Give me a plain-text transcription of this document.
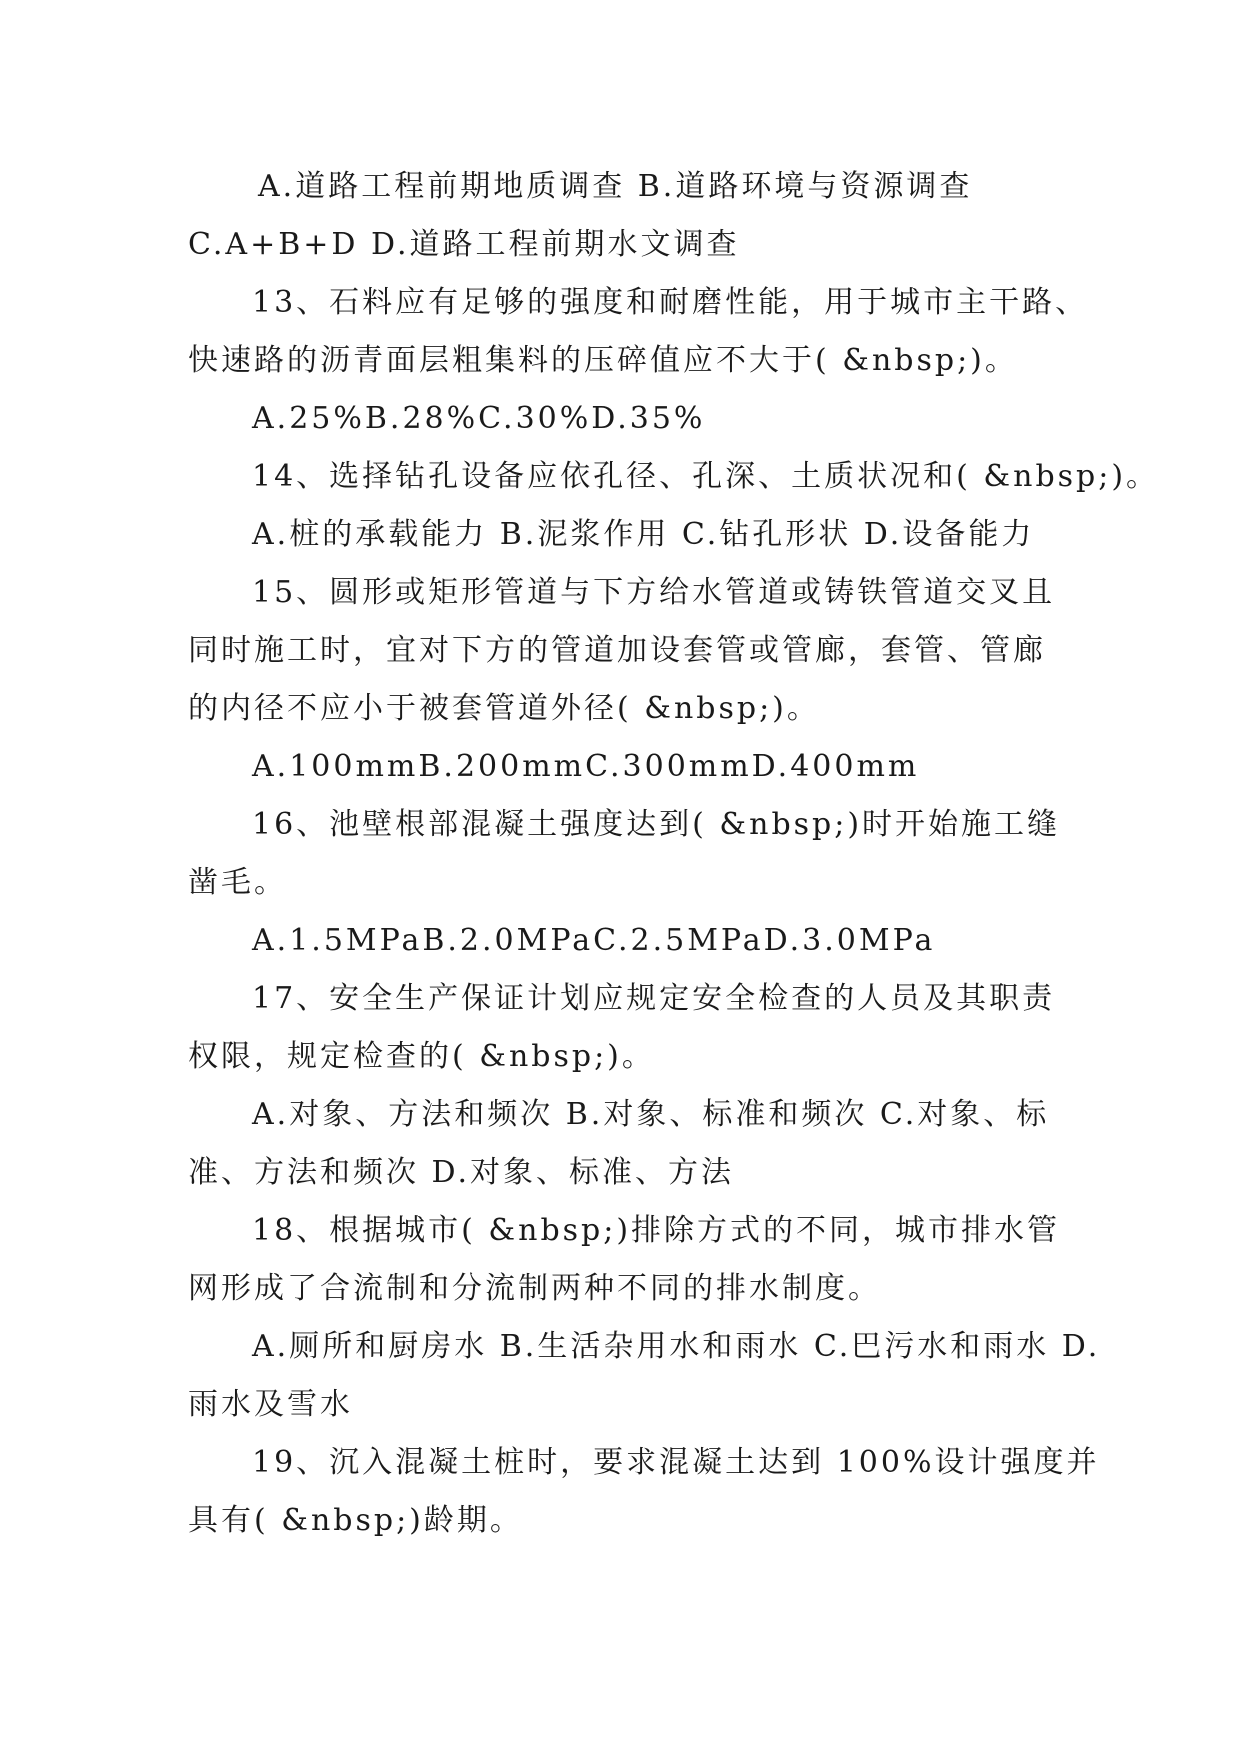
A.道路工程前期地质调查 B.道路环境与资源调查
C.A+B+D D.道路工程前期水文调查
13、石料应有足够的强度和耐磨性能，用于城市主干路、
快速路的沥青面层粗集料的压碎值应不大于( &nbsp;)。
A.25%B.28%C.30%D.35%
14、选择钻孔设备应依孔径、孔深、土质状况和( &nbsp;)。
A.桩的承载能力 B.泥浆作用 C.钻孔形状 D.设备能力
15、圆形或矩形管道与下方给水管道或铸铁管道交叉且
同时施工时，宜对下方的管道加设套管或管廊，套管、管廊
的内径不应小于被套管道外径( &nbsp;)。
A.100mmB.200mmC.300mmD.400mm
16、池壁根部混凝土强度达到( &nbsp;)时开始施工缝
凿毛。
A.1.5MPaB.2.0MPaC.2.5MPaD.3.0MPa
17、安全生产保证计划应规定安全检查的人员及其职责
权限，规定检查的( &nbsp;)。
A.对象、方法和频次 B.对象、标准和频次 C.对象、标
准、方法和频次 D.对象、标准、方法
18、根据城市( &nbsp;)排除方式的不同，城市排水管
网形成了合流制和分流制两种不同的排水制度。
A.厕所和厨房水 B.生活杂用水和雨水 C.巴污水和雨水 D.
雨水及雪水
19、沉入混凝土桩时，要求混凝土达到 100%设计强度并
具有( &nbsp;)龄期。
